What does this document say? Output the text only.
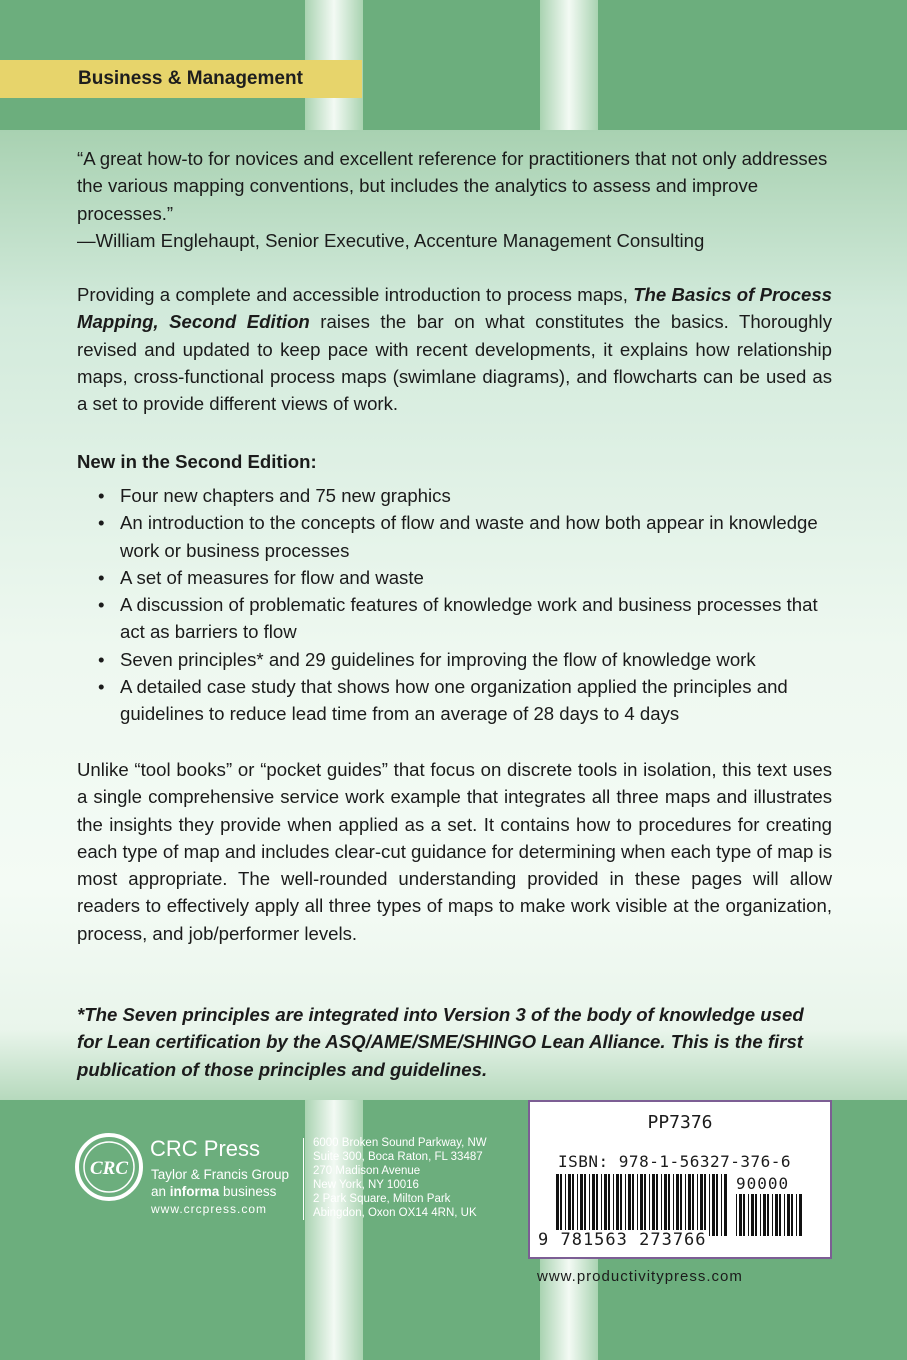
Business & Management
“A great how-to for novices and excellent reference for practitioners that not only addresses the various mapping conventions, but includes the analytics to assess and improve processes.”
—William Englehaupt, Senior Executive, Accenture Management Consulting
Providing a complete and accessible introduction to process maps, The Basics of Process Mapping, Second Edition raises the bar on what constitutes the basics. Thoroughly revised and updated to keep pace with recent developments, it explains how relationship maps, cross-functional process maps (swimlane diagrams), and flowcharts can be used as a set to provide different views of work.
New in the Second Edition:
• Four new chapters and 75 new graphics
• An introduction to the concepts of flow and waste and how both appear in knowledge work or business processes
• A set of measures for flow and waste
• A discussion of problematic features of knowledge work and business processes that act as barriers to flow
• Seven principles* and 29 guidelines for improving the flow of knowledge work
• A detailed case study that shows how one organization applied the principles and guidelines to reduce lead time from an average of 28 days to 4 days
Unlike “tool books” or “pocket guides” that focus on discrete tools in isolation, this text uses a single comprehensive service work example that integrates all three maps and illustrates the insights they provide when applied as a set. It contains how to procedures for creating each type of map and includes clear-cut guidance for determining when each type of map is most appropriate. The well-rounded understanding provided in these pages will allow readers to effectively apply all three types of maps to make work visible at the organization, process, and job/performer levels.
*The Seven principles are integrated into Version 3 of the body of knowledge used for Lean certification by the ASQ/AME/SME/SHINGO Lean Alliance. This is the first publication of those principles and guidelines.
CRC
CRC Press
Taylor & Francis Group
an informa business
www.crcpress.com
6000 Broken Sound Parkway, NW
Suite 300, Boca Raton, FL 33487
270 Madison Avenue
New York, NY 10016
2 Park Square, Milton Park
Abingdon, Oxon OX14 4RN, UK
PP7376
ISBN: 978-1-56327-376-6
90000
9 781563 273766
www.productivitypress.com
